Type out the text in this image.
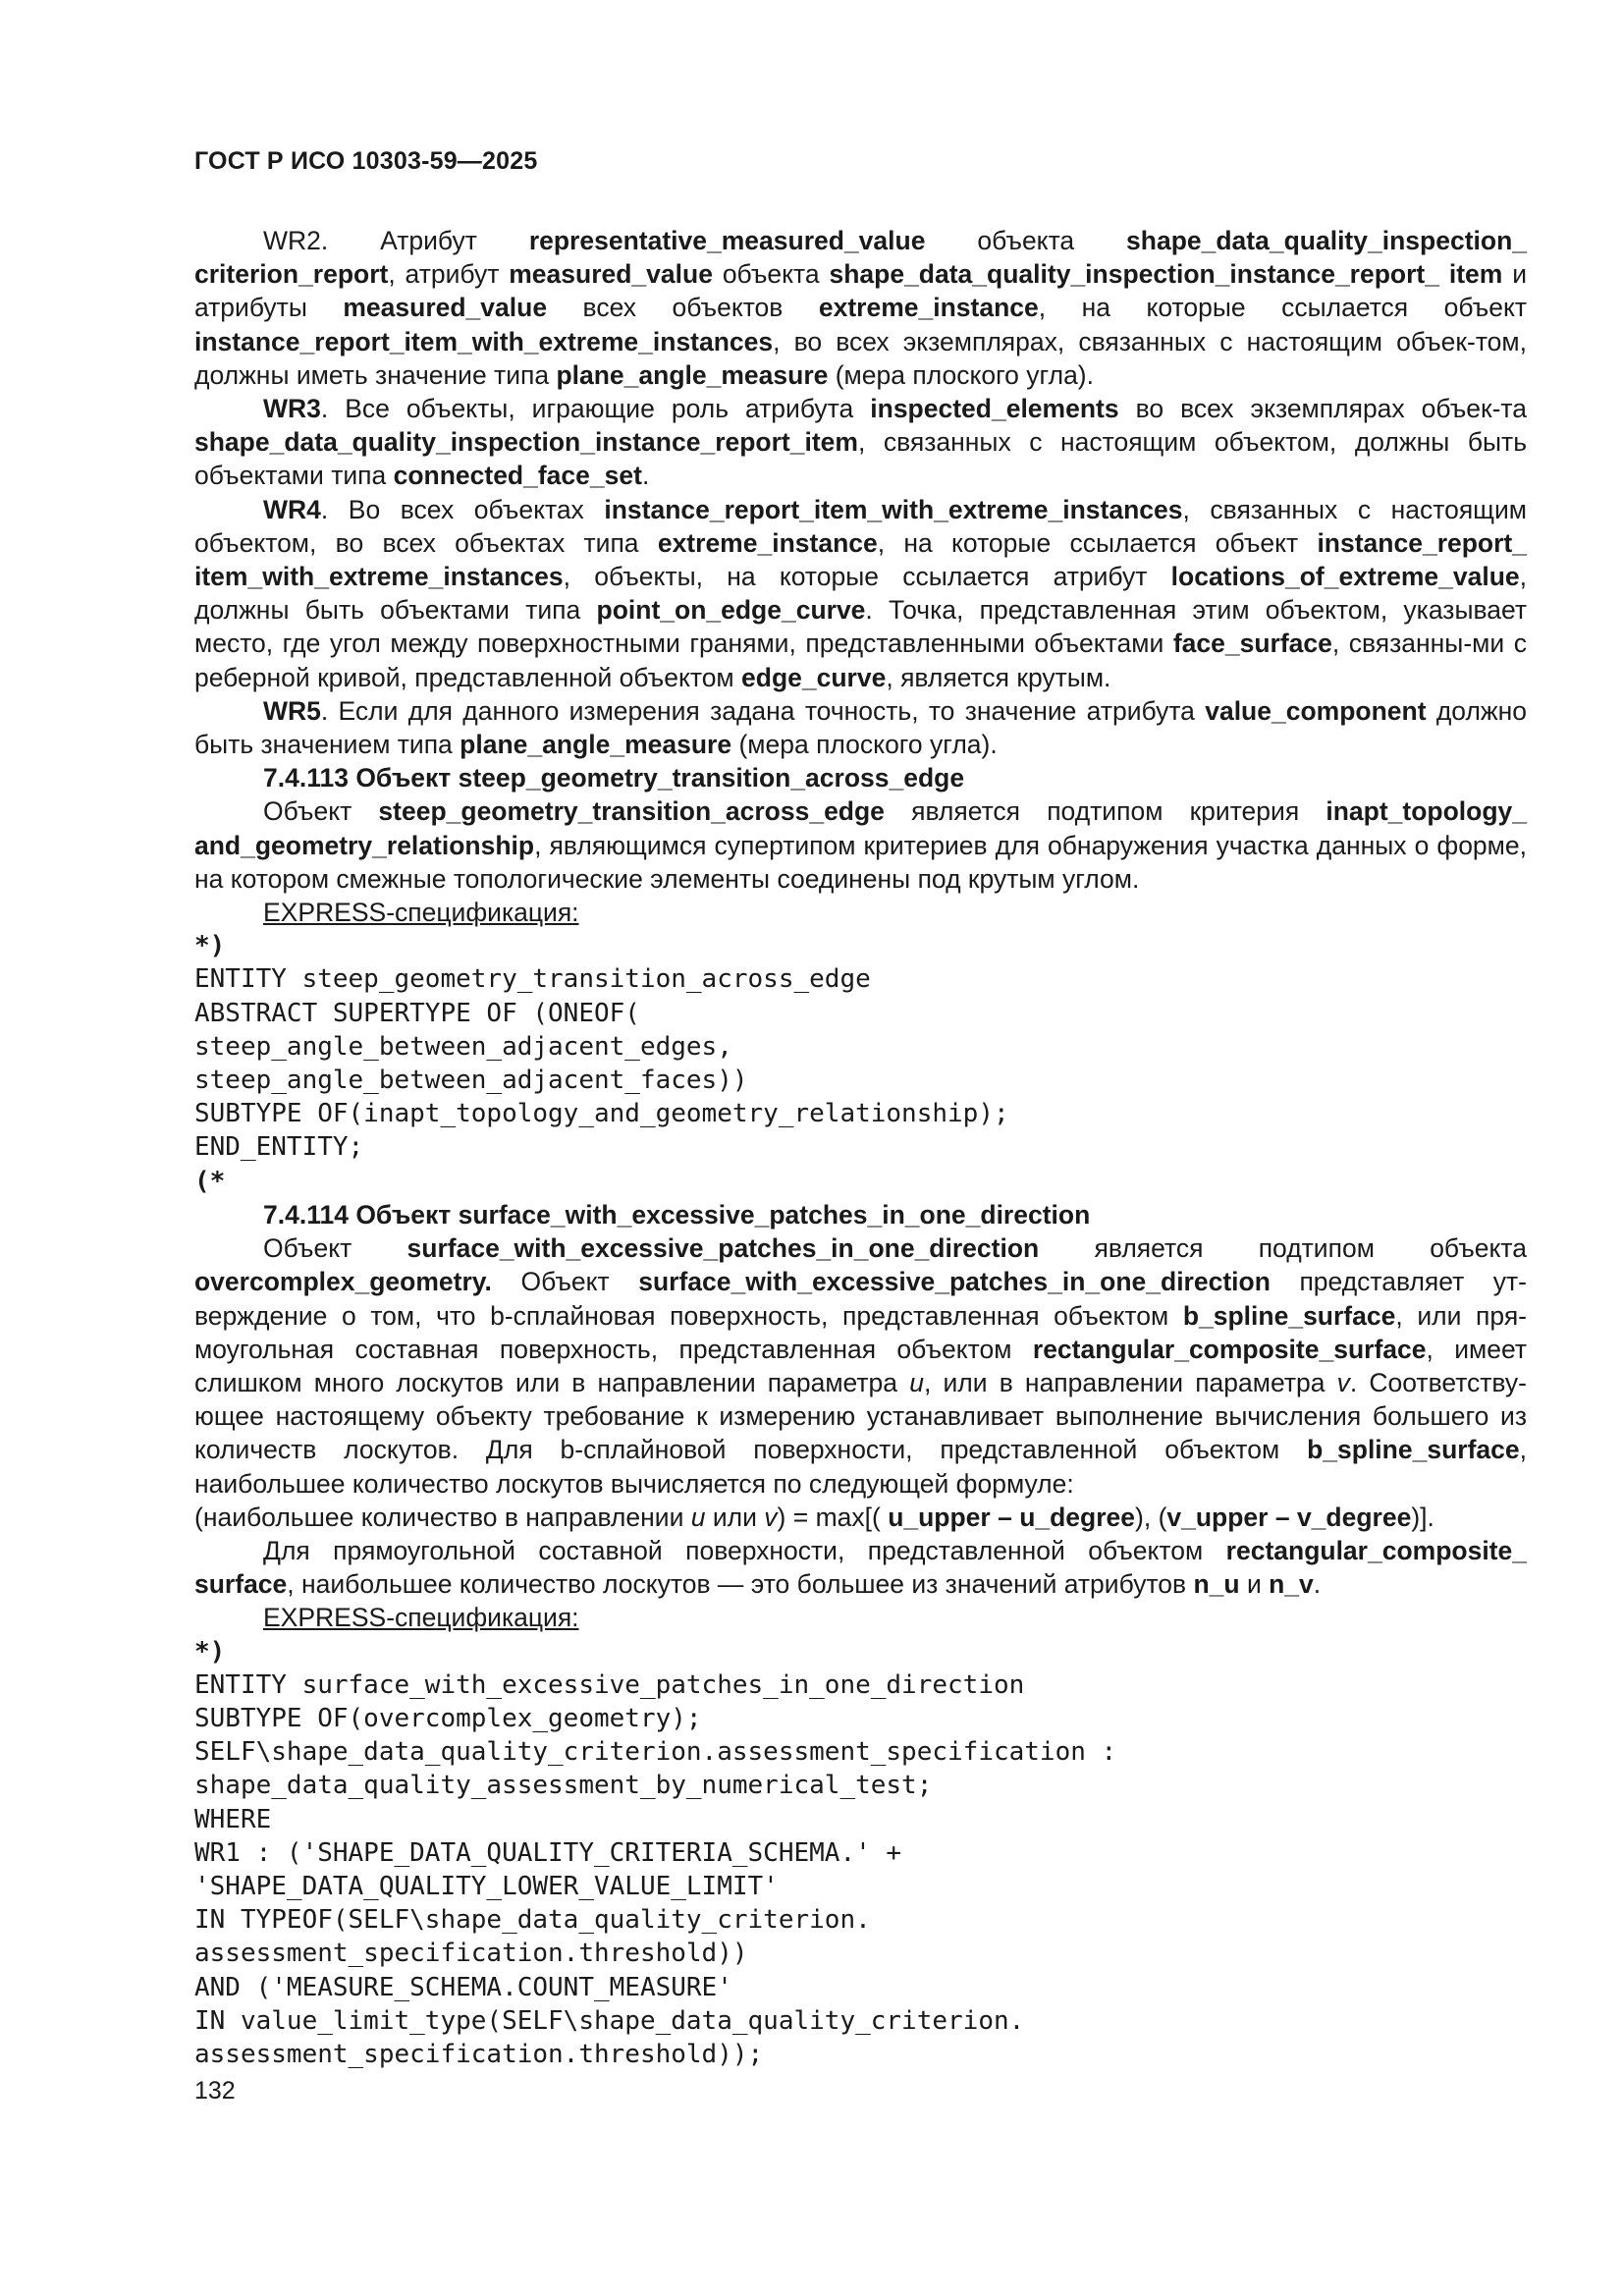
ГОСТ Р ИСО 10303-59—2025

WR2. Атрибут representative_measured_value объекта shape_data_quality_inspection_ criterion_report, атрибут measured_value объекта shape_data_quality_inspection_instance_report_ item и атрибуты measured_value всех объектов extreme_instance, на которые ссылается объект instance_report_item_with_extreme_instances, во всех экземплярах, связанных с настоящим объек-том, должны иметь значение типа plane_angle_measure (мера плоского угла).

WR3. Все объекты, играющие роль атрибута inspected_elements во всех экземплярах объек-та shape_data_quality_inspection_instance_report_item, связанных с настоящим объектом, должны быть объектами типа connected_face_set.

WR4. Во всех объектах instance_report_item_with_extreme_instances, связанных с настоящим объектом, во всех объектах типа extreme_instance, на которые ссылается объект instance_report_ item_with_extreme_instances, объекты, на которые ссылается атрибут locations_of_extreme_value, должны быть объектами типа point_on_edge_curve. Точка, представленная этим объектом, указывает место, где угол между поверхностными гранями, представленными объектами face_surface, связанны-ми с реберной кривой, представленной объектом edge_curve, является крутым.

WR5. Если для данного измерения задана точность, то значение атрибута value_component должно быть значением типа plane_angle_measure (мера плоского угла).

7.4.113 Объект steep_geometry_transition_across_edge

Объект steep_geometry_transition_across_edge является подтипом критерия inapt_topology_ and_geometry_relationship, являющимся супертипом критериев для обнаружения участка данных о форме, на котором смежные топологические элементы соединены под крутым углом.

EXPRESS-спецификация:

*)

ENTITY steep_geometry_transition_across_edge

ABSTRACT SUPERTYPE OF (ONEOF(

steep_angle_between_adjacent_edges,

steep_angle_between_adjacent_faces))

SUBTYPE OF(inapt_topology_and_geometry_relationship);

END_ENTITY;

(*

7.4.114 Объект surface_with_excessive_patches_in_one_direction

Объект surface_with_excessive_patches_in_one_direction является подтипом объекта overcomplex_geometry. Объект surface_with_excessive_patches_in_one_direction представляет ут-верждение о том, что b-сплайновая поверхность, представленная объектом b_spline_surface, или пря-моугольная составная поверхность, представленная объектом rectangular_composite_surface, имеет слишком много лоскутов или в направлении параметра u, или в направлении параметра v. Соответству-ющее настоящему объекту требование к измерению устанавливает выполнение вычисления большего из количеств лоскутов. Для b-сплайновой поверхности, представленной объектом b_spline_surface, наибольшее количество лоскутов вычисляется по следующей формуле:

(наибольшее количество в направлении u или v) = max[( u_upper – u_degree), (v_upper – v_degree)].

Для прямоугольной составной поверхности, представленной объектом rectangular_composite_ surface, наибольшее количество лоскутов — это большее из значений атрибутов n_u и n_v.

EXPRESS-спецификация:

*)

ENTITY surface_with_excessive_patches_in_one_direction

SUBTYPE OF(overcomplex_geometry);

SELF\shape_data_quality_criterion.assessment_specification :

shape_data_quality_assessment_by_numerical_test;

WHERE

WR1 : ('SHAPE_DATA_QUALITY_CRITERIA_SCHEMA.' +

'SHAPE_DATA_QUALITY_LOWER_VALUE_LIMIT'

IN TYPEOF(SELF\shape_data_quality_criterion.

assessment_specification.threshold))

AND ('MEASURE_SCHEMA.COUNT_MEASURE'

IN value_limit_type(SELF\shape_data_quality_criterion.

assessment_specification.threshold));

132
